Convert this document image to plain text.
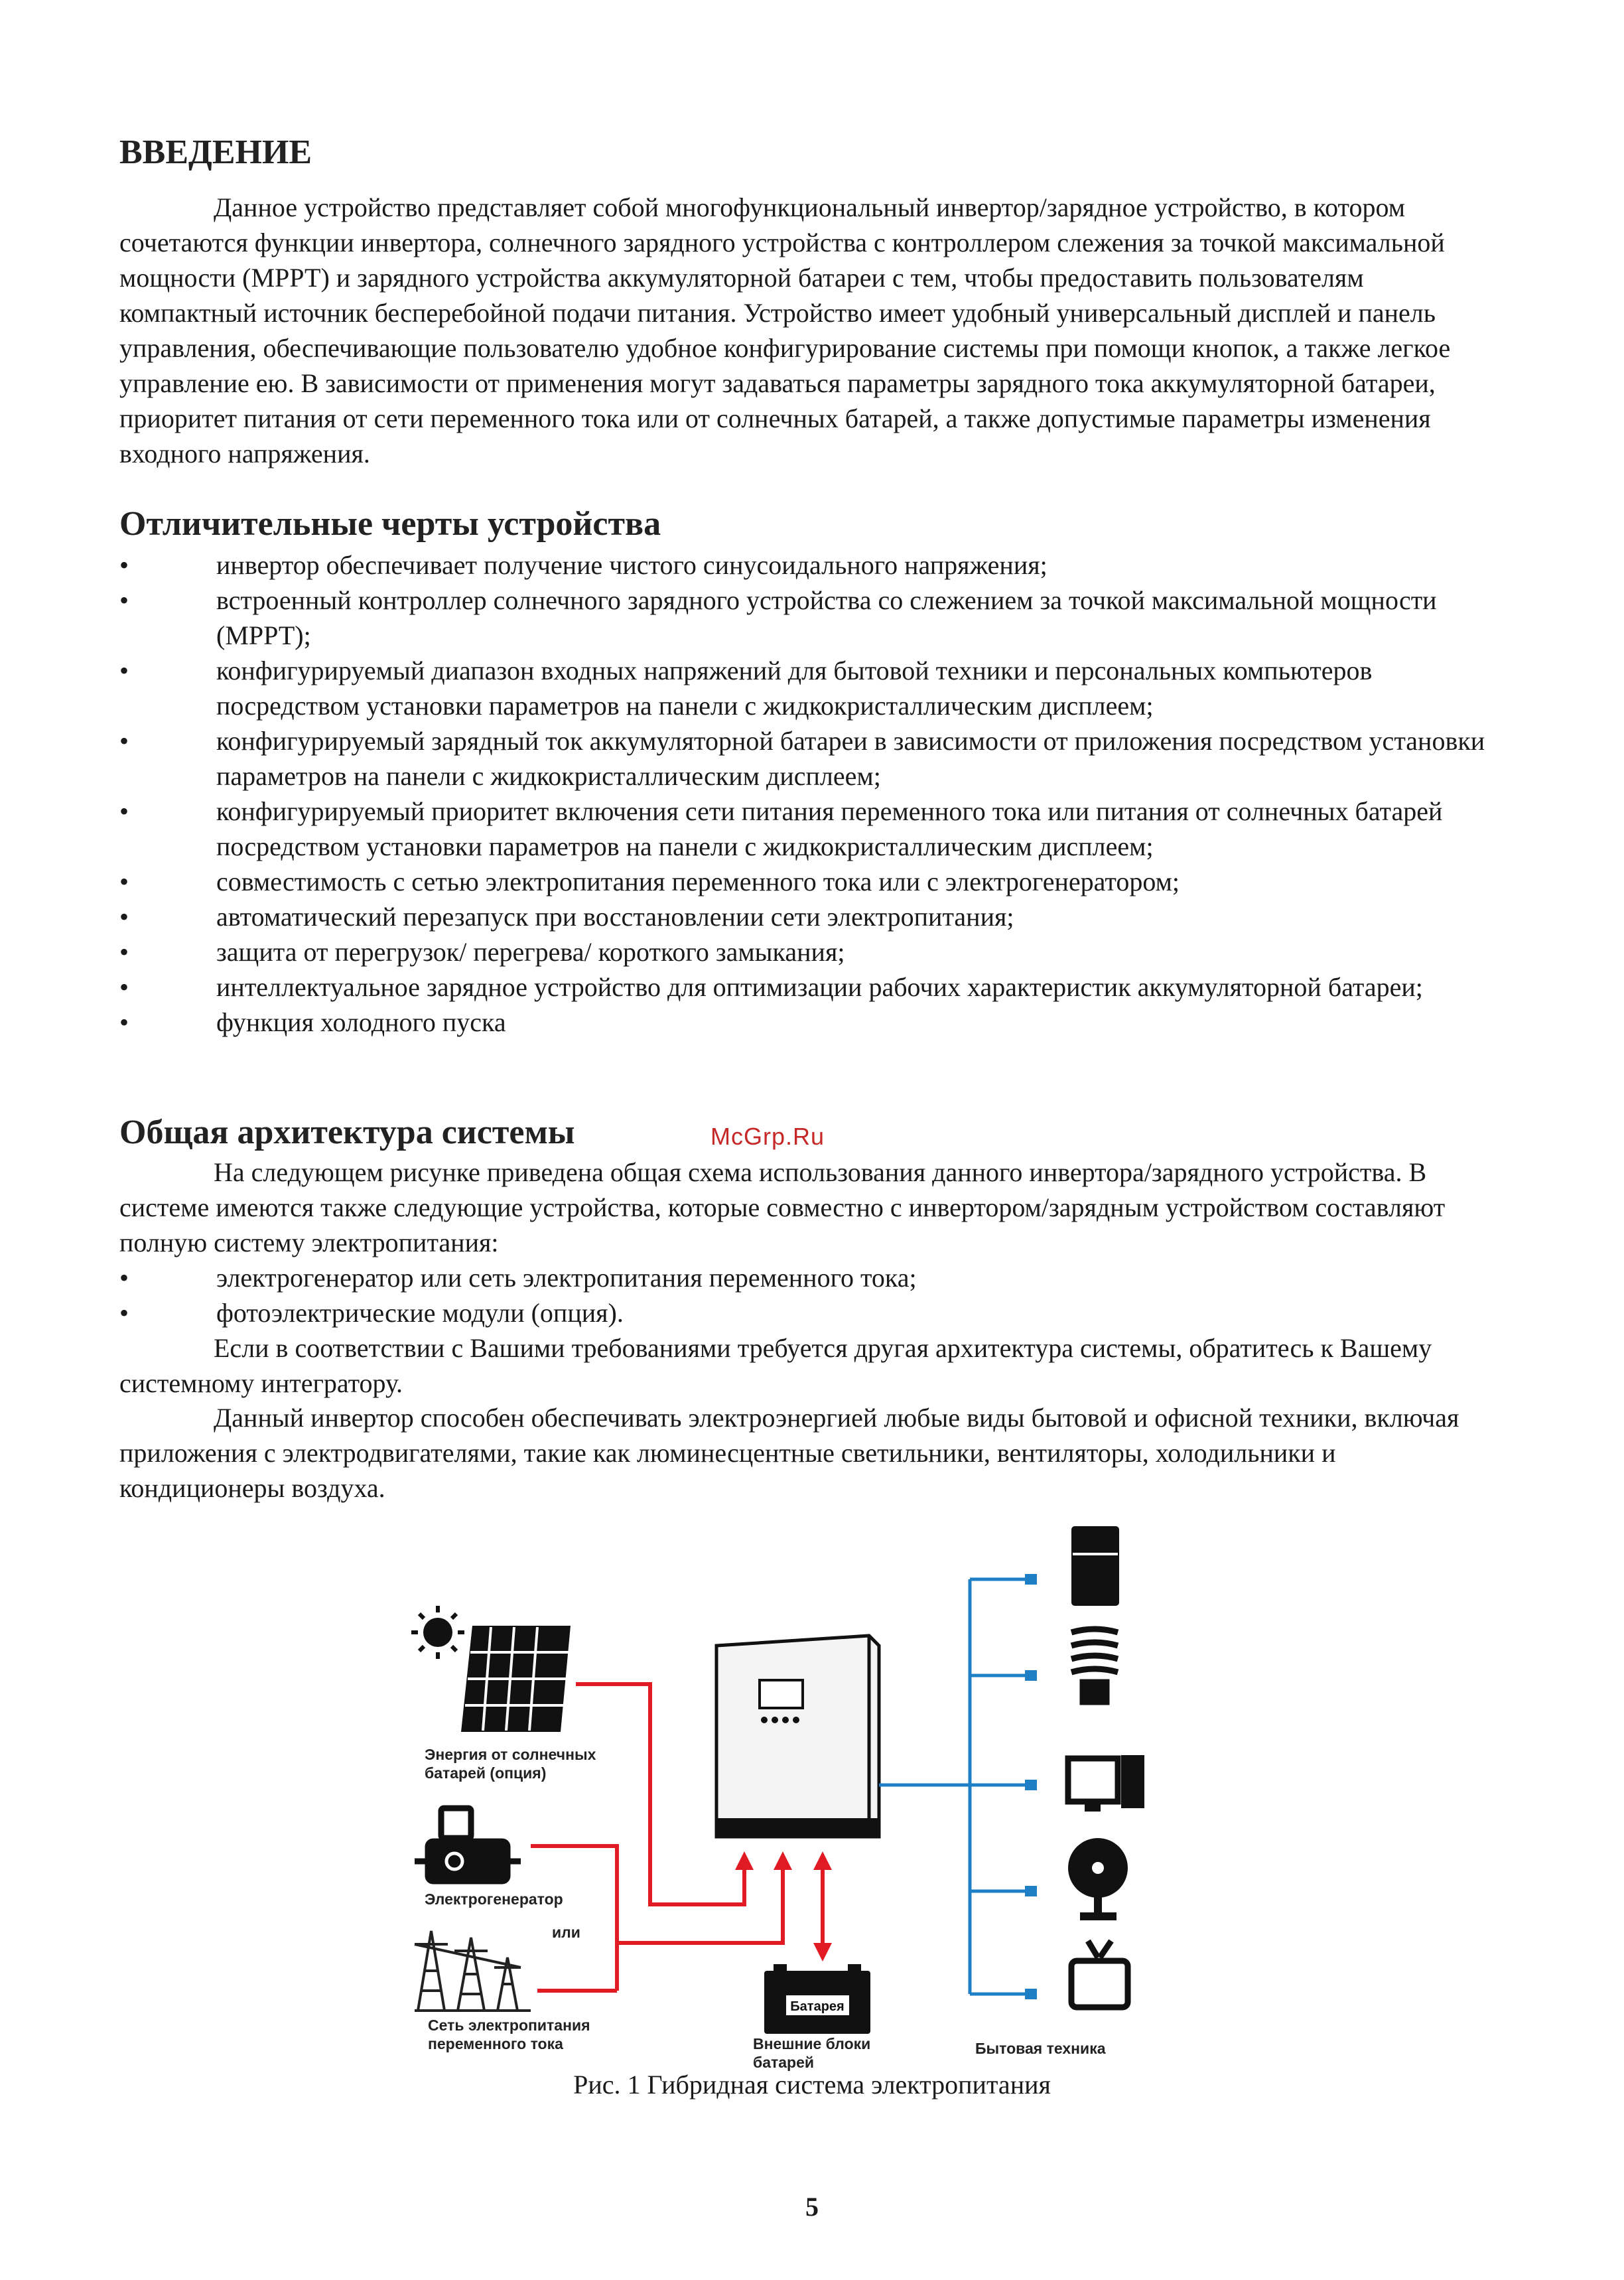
ВВЕДЕНИЕ

Данное устройство представляет собой многофункциональный инвертор/зарядное устройство, в котором сочетаются функции инвертора, солнечного зарядного устройства с контроллером слежения за точкой максимальной мощности (МРРТ) и зарядного устройства аккумуляторной батареи с тем, чтобы предоставить пользователям компактный источник бесперебойной подачи питания. Устройство имеет удобный универсальный дисплей и панель управления, обеспечивающие пользователю удобное конфигурирование системы при помощи кнопок, а также легкое управление ею. В зависимости от применения могут задаваться параметры зарядного тока аккумуляторной батареи, приоритет питания от сети переменного тока или от солнечных батарей, а также допустимые параметры изменения входного напряжения.

Отличительные черты устройства
•	инвертор обеспечивает получение чистого синусоидального напряжения;
•	встроенный контроллер солнечного зарядного устройства со слежением за точкой максимальной мощности (МРРТ);
•	конфигурируемый диапазон входных напряжений для бытовой техники и персональных компьютеров посредством установки параметров на панели с жидкокристаллическим дисплеем;
•	конфигурируемый зарядный ток аккумуляторной батареи в зависимости от приложения посредством установки параметров на панели с жидкокристаллическим дисплеем;
•	конфигурируемый приоритет включения сети питания переменного тока или питания от солнечных батарей посредством установки параметров на панели с жидкокристаллическим дисплеем;
•	совместимость с сетью электропитания переменного тока или с электрогенератором;
•	автоматический перезапуск при восстановлении сети электропитания;
•	защита от перегрузок/ перегрева/ короткого замыкания;
•	интеллектуальное зарядное устройство для оптимизации рабочих характеристик аккумуляторной батареи;
•	функция холодного пуска
Общая архитектура системы	McGrp.Ru

На следующем рисунке приведена общая схема использования данного инвертора/зарядного устройства. В системе имеются также следующие устройства, которые совместно с инвертором/зарядным устройством составляют полную систему электропитания:

•	электрогенератор или сеть электропитания переменного тока;
•	фотоэлектрические модули (опция).

Если в соответствии с Вашими требованиями требуется другая архитектура системы, обратитесь к Вашему системному интегратору.

Данный инвертор способен обеспечивать электроэнергией любые виды бытовой и офисной техники, включая приложения с электродвигателями, такие как люминесцентные светильники, вентиляторы, холодильники и кондиционеры воздуха.

Энергия от солнечных
батарей (опция)
Электрогенератор
или
Сеть электропитания
переменного тока
Батарея
Внешние блоки
батарей
Бытовая техника

Рис. 1 Гибридная система электропитания

5
